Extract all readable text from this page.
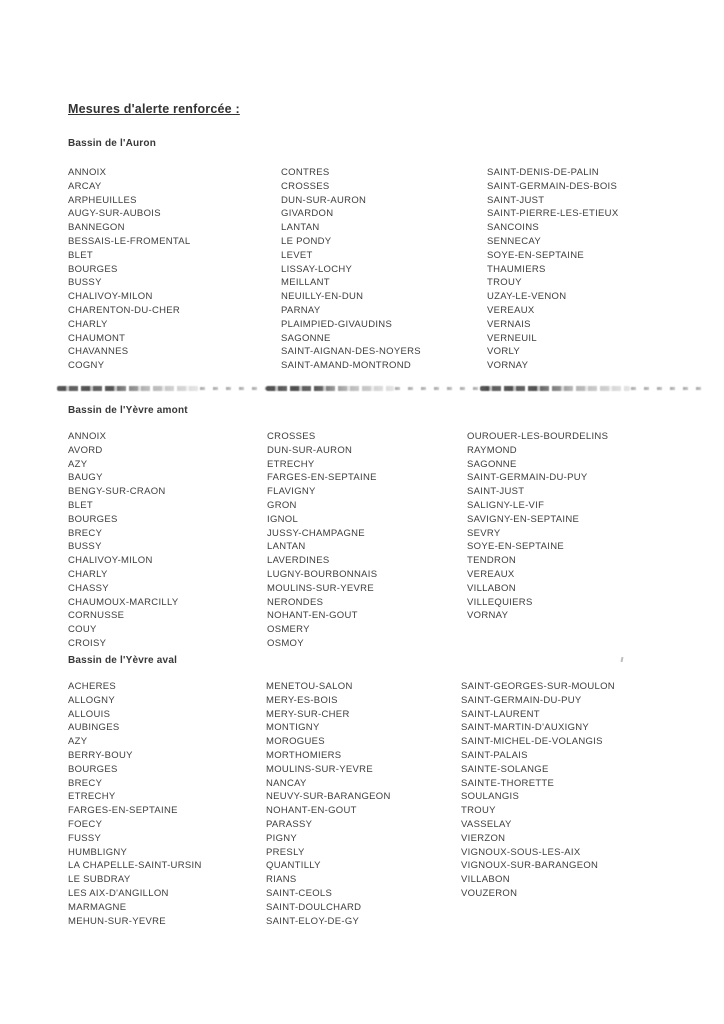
Mesures d'alerte renforcée :
Bassin de l'Auron
ANNOIX
ARCAY
ARPHEUILLES
AUGY-SUR-AUBOIS
BANNEGON
BESSAIS-LE-FROMENTAL
BLET
BOURGES
BUSSY
CHALIVOY-MILON
CHARENTON-DU-CHER
CHARLY
CHAUMONT
CHAVANNES
COGNY
CONTRES
CROSSES
DUN-SUR-AURON
GIVARDON
LANTAN
LE PONDY
LEVET
LISSAY-LOCHY
MEILLANT
NEUILLY-EN-DUN
PARNAY
PLAIMPIED-GIVAUDINS
SAGONNE
SAINT-AIGNAN-DES-NOYERS
SAINT-AMAND-MONTROND
SAINT-DENIS-DE-PALIN
SAINT-GERMAIN-DES-BOIS
SAINT-JUST
SAINT-PIERRE-LES-ETIEUX
SANCOINS
SENNECAY
SOYE-EN-SEPTAINE
THAUMIERS
TROUY
UZAY-LE-VENON
VEREAUX
VERNAIS
VERNEUIL
VORLY
VORNAY
Bassin de l'Yèvre amont
ANNOIX
AVORD
AZY
BAUGY
BENGY-SUR-CRAON
BLET
BOURGES
BRECY
BUSSY
CHALIVOY-MILON
CHARLY
CHASSY
CHAUMOUX-MARCILLY
CORNUSSE
COUY
CROISY
CROSSES
DUN-SUR-AURON
ETRECHY
FARGES-EN-SEPTAINE
FLAVIGNY
GRON
IGNOL
JUSSY-CHAMPAGNE
LANTAN
LAVERDINES
LUGNY-BOURBONNAIS
MOULINS-SUR-YEVRE
NERONDES
NOHANT-EN-GOUT
OSMERY
OSMOY
OUROUER-LES-BOURDELINS
RAYMOND
SAGONNE
SAINT-GERMAIN-DU-PUY
SAINT-JUST
SALIGNY-LE-VIF
SAVIGNY-EN-SEPTAINE
SEVRY
SOYE-EN-SEPTAINE
TENDRON
VEREAUX
VILLABON
VILLEQUIERS
VORNAY
Bassin de l'Yèvre aval
ACHERES
ALLOGNY
ALLOUIS
AUBINGES
AZY
BERRY-BOUY
BOURGES
BRECY
ETRECHY
FARGES-EN-SEPTAINE
FOECY
FUSSY
HUMBLIGNY
LA CHAPELLE-SAINT-URSIN
LE SUBDRAY
LES AIX-D'ANGILLON
MARMAGNE
MEHUN-SUR-YEVRE
MENETOU-SALON
MERY-ES-BOIS
MERY-SUR-CHER
MONTIGNY
MOROGUES
MORTHOMIERS
MOULINS-SUR-YEVRE
NANCAY
NEUVY-SUR-BARANGEON
NOHANT-EN-GOUT
PARASSY
PIGNY
PRESLY
QUANTILLY
RIANS
SAINT-CEOLS
SAINT-DOULCHARD
SAINT-ELOY-DE-GY
SAINT-GEORGES-SUR-MOULON
SAINT-GERMAIN-DU-PUY
SAINT-LAURENT
SAINT-MARTIN-D'AUXIGNY
SAINT-MICHEL-DE-VOLANGIS
SAINT-PALAIS
SAINTE-SOLANGE
SAINTE-THORETTE
SOULANGIS
TROUY
VASSELAY
VIERZON
VIGNOUX-SOUS-LES-AIX
VIGNOUX-SUR-BARANGEON
VILLABON
VOUZERON
